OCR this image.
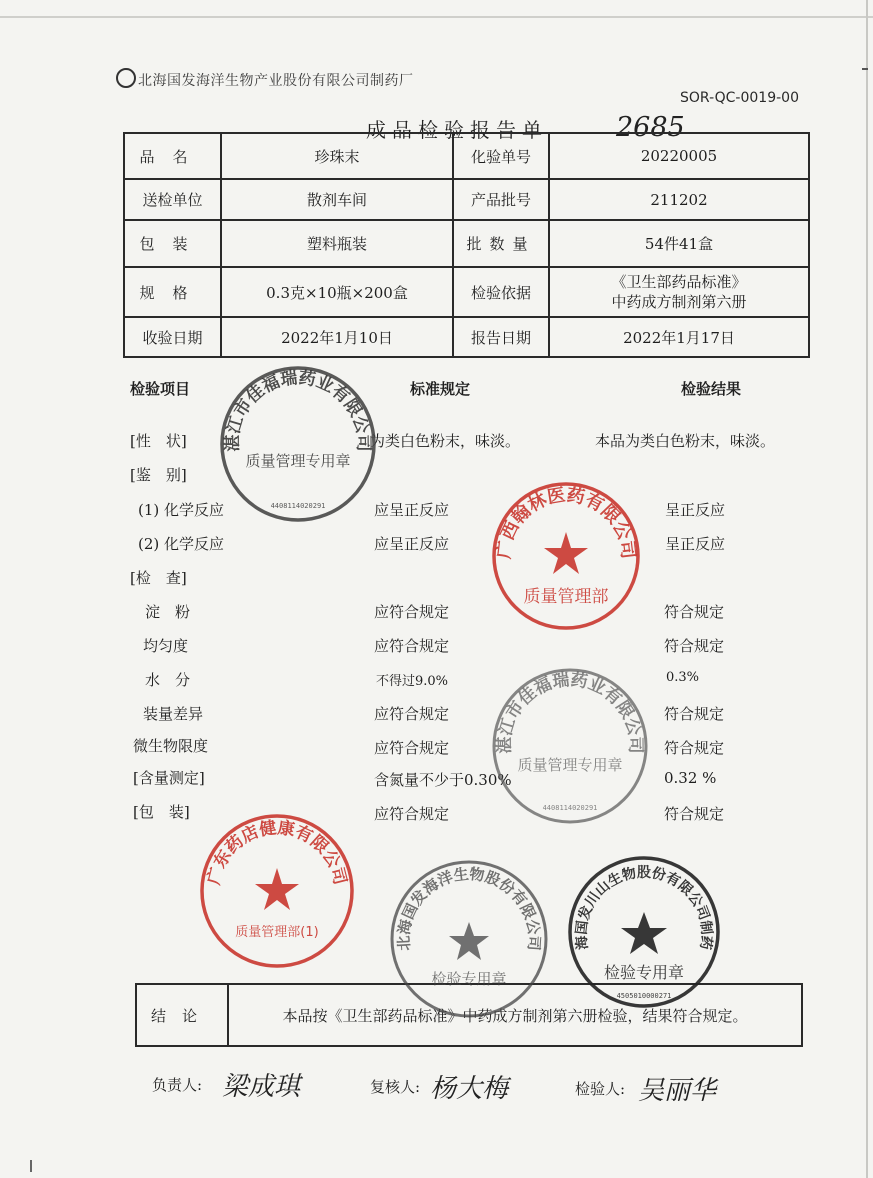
北海国发海洋生物产业股份有限公司制药厂
SOR-QC-0019-00
成品检验报告单	2685
品名	珍珠末	化验单号	20220005
送检单位	散剂车间	产品批号	211202
包装	塑料瓶装	批数量	54件41盒
规格	0.3克×10瓶×200盒	检验依据	《卫生部药品标准》
中药成方制剂第六册

收验日期	2022年1月10日	报告日期	2022年1月17日
检验项目	标准规定	检验结果
[性　状]	为类白色粉末，味淡。	本品为类白色粉末，味淡。
[鉴　别]
(1) 化学反应	应呈正反应	呈正反应
(2) 化学反应	应呈正反应	呈正反应
[检　查]
淀　粉	应符合规定	符合规定
均匀度	应符合规定	符合规定
水　分	不得过9.0%	0.3%
装量差异	应符合规定	符合规定
微生物限度	应符合规定	符合规定
[含量测定]	含氮量不少于0.30%	0.32 %
[包　装]	应符合规定	符合规定
结论	本品按《卫生部药品标准》中药成方制剂第六册检验，结果符合规定。
负责人: 梁成琪	复核人: 杨大梅	检验人: 吴丽华
湛江市佳福瑞药业有限公司
质量管理专用章
4408114020291
广西翰林医药有限公司
质量管理部
湛江市佳福瑞药业有限公司
质量管理专用章
4408114020291
广东药店健康有限公司
质量管理部(1)
北海国发海洋生物股份有限公司
检验专用章
北海国发川山生物股份有限公司制药厂
检验专用章
4505010000271
